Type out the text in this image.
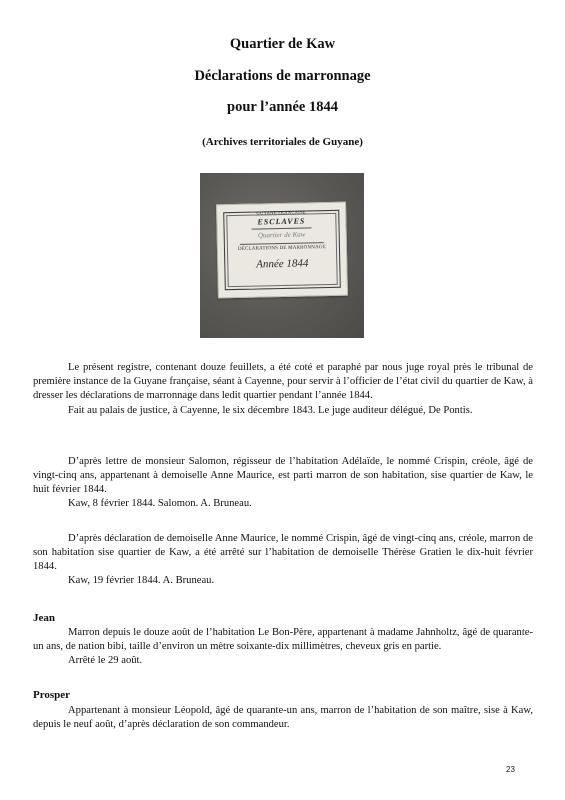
Quartier de Kaw
Déclarations de marronnage
pour l’année 1844
(Archives territoriales de Guyane)
GUYANE FRANÇAISE
ESCLAVES
Quartier de Kaw
DÉCLARATIONS DE MARRONNAGE
Année 1844

Le présent registre, contenant douze feuillets, a été coté et paraphé par nous juge royal près le tribunal de première instance de la Guyane française, séant à Cayenne, pour servir à l’officier de l’état civil du quartier de Kaw, à dresser les déclarations de marronnage dans ledit quartier pendant l’année 1844.

Fait au palais de justice, à Cayenne, le six décembre 1843. Le juge auditeur délégué, De Pontis.

D’après lettre de monsieur Salomon, régisseur de l’habitation Adélaïde, le nommé Crispin, créole, âgé de vingt-cinq ans, appartenant à demoiselle Anne Maurice, est parti marron de son habitation, sise quartier de Kaw, le huit février 1844.

Kaw, 8 février 1844. Salomon. A. Bruneau.

D’après déclaration de demoiselle Anne Maurice, le nommé Crispin, âgé de vingt-cinq ans, créole, marron de son habitation sise quartier de Kaw, a été arrêté sur l’habitation de demoiselle Thérèse Gratien le dix-huit février 1844.

Kaw, 19 février 1844. A. Bruneau.

Jean

Marron depuis le douze août de l’habitation Le Bon-Père, appartenant à madame Jahnholtz, âgé de quarante-un ans, de nation bibi, taille d’environ un mètre soixante-dix millimètres, cheveux gris en partie.

Arrêté le 29 août.

Prosper

Appartenant à monsieur Léopold, âgé de quarante-un ans, marron de l’habitation de son maître, sise à Kaw, depuis le neuf août, d’après déclaration de son commandeur.

23
